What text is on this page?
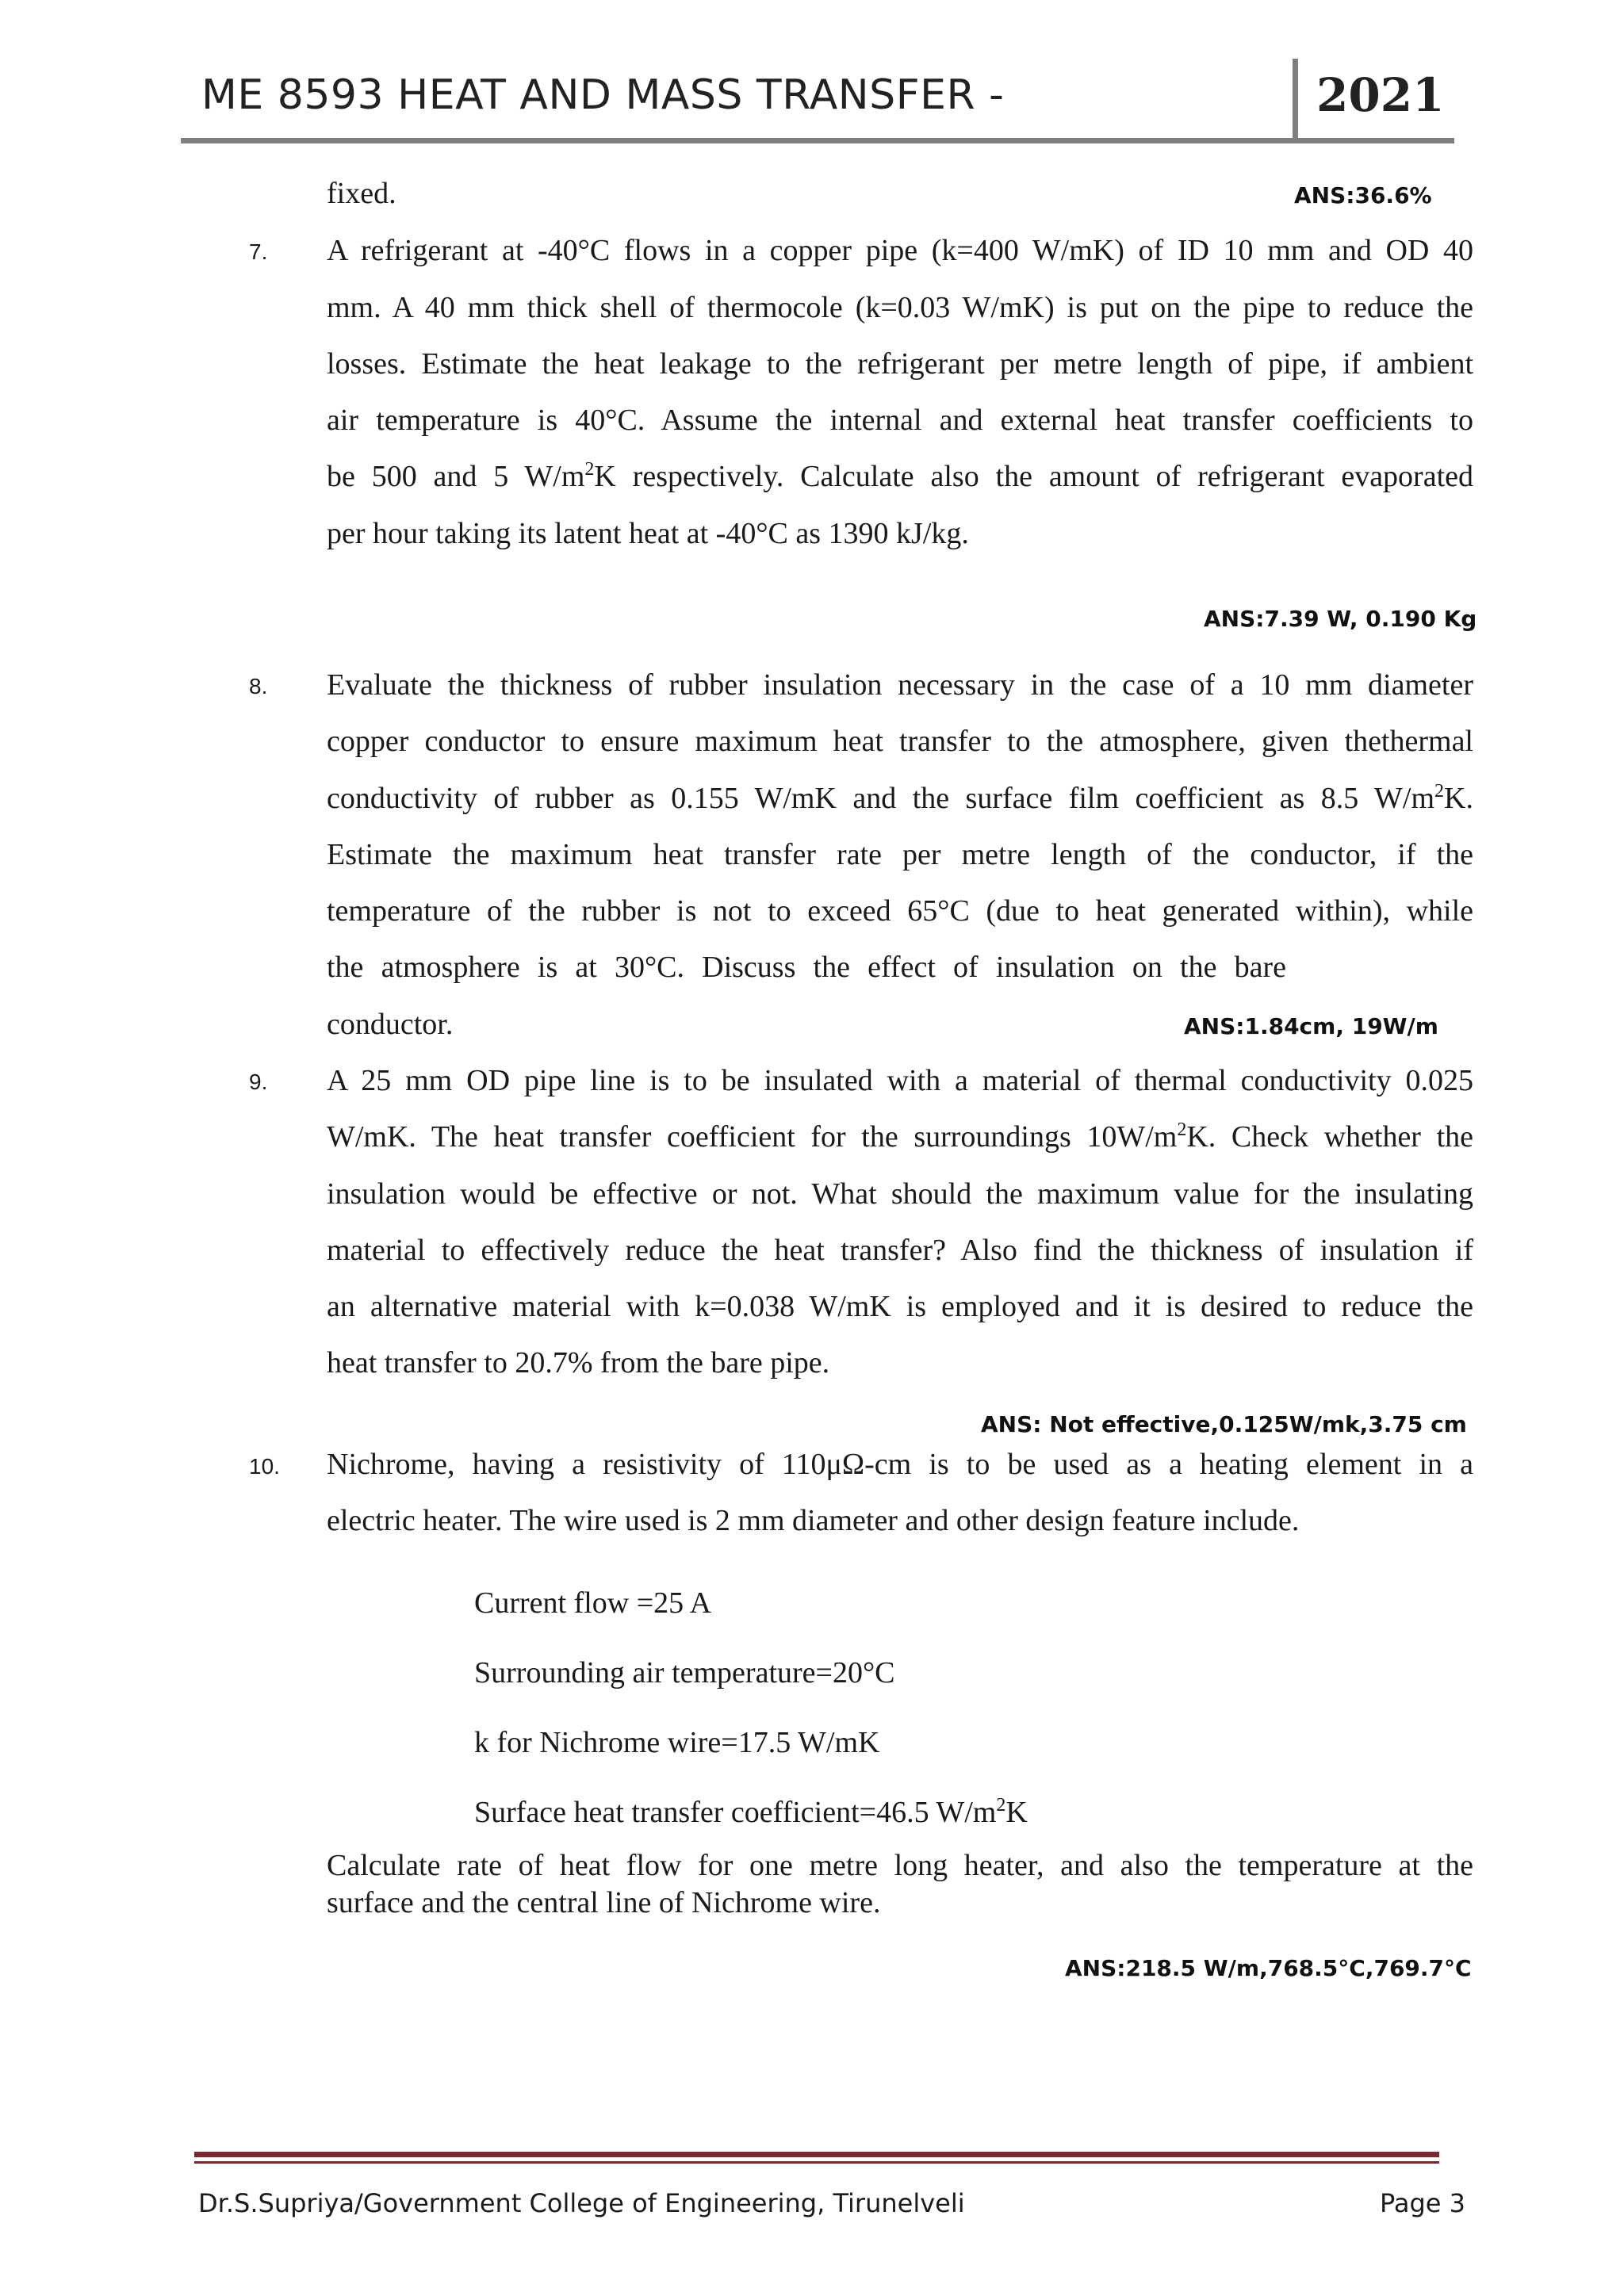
ME 8593 HEAT AND MASS TRANSFER -	2021
fixed.	ANS:36.6%
7. A refrigerant at -40°C flows in a copper pipe (k=400 W/mK) of ID 10 mm and OD 40
mm. A 40 mm thick shell of thermocole (k=0.03 W/mK) is put on the pipe to reduce the
losses. Estimate the heat leakage to the refrigerant per metre length of pipe, if ambient
air temperature is 40°C. Assume the internal and external heat transfer coefficients to
be 500 and 5 $W/m^2K$ respectively. Calculate also the amount of refrigerant evaporated
per hour taking its latent heat at -40°C as 1390 kJ/kg.
ANS:7.39 W, 0.190 Kg
8. Evaluate the thickness of rubber insulation necessary in the case of a 10 mm diameter
copper conductor to ensure maximum heat transfer to the atmosphere, given thethermal
conductivity of rubber as 0.155 W/mK and the surface film coefficient as 8.5 $W/m^2K$.
Estimate the maximum heat transfer rate per metre length of the conductor, if the
temperature of the rubber is not to exceed 65°C (due to heat generated within), while
the atmosphere is at 30°C. Discuss the effect of insulation on the bare
conductor.	ANS:1.84cm, 19W/m
9. A 25 mm OD pipe line is to be insulated with a material of thermal conductivity 0.025
W/mK. The heat transfer coefficient for the surroundings $10W/m^2K$. Check whether the
insulation would be effective or not. What should the maximum value for the insulating
material to effectively reduce the heat transfer? Also find the thickness of insulation if
an alternative material with k=0.038 W/mK is employed and it is desired to reduce the
heat transfer to 20.7% from the bare pipe.
ANS: Not effective,0.125W/mk,3.75 cm
10. Nichrome, having a resistivity of 110μΩ-cm is to be used as a heating element in a
electric heater. The wire used is 2 mm diameter and other design feature include.
Current flow =25 A
Surrounding air temperature=20°C
k for Nichrome wire=17.5 W/mK
Surface heat transfer coefficient=46.5 $W/m^2K$
Calculate rate of heat flow for one metre long heater, and also the temperature at the
surface and the central line of Nichrome wire.
ANS:218.5 W/m,768.5°C,769.7°C
Dr.S.Supriya/Government College of Engineering, Tirunelveli	Page 3
